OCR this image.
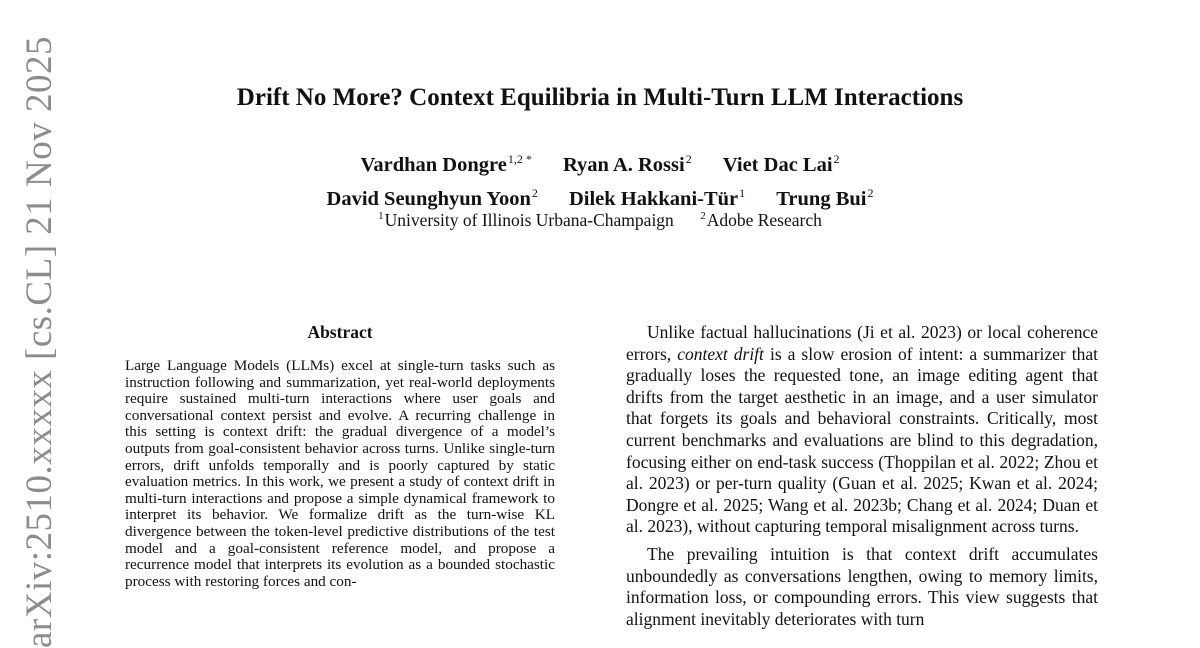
arXiv:2510.xxxxx [cs.CL] 21 Nov 2025	Drift No More? Context Equilibria in Multi-Turn LLM Interactions
Vardhan Dongre$^{1,2 *}$ Ryan A. Rossi$^2$ Viet Dac Lai$^2$
David Seunghyun Yoon$^2$ Dilek Hakkani-Tür$^1$ Trung Bui$^2$
$^1$University of Illinois Urbana-Champaign $^2$Adobe Research
Abstract
Large Language Models (LLMs) excel at single-turn tasks such as instruction following and summarization, yet real-world deployments require sustained multi-turn interactions where user goals and conversational context persist and evolve. A recurring challenge in this setting is context drift: the gradual divergence of a model’s outputs from goal-consistent behavior across turns. Unlike single-turn errors, drift unfolds temporally and is poorly captured by static evaluation metrics. In this work, we present a study of context drift in multi-turn interactions and propose a simple dynamical framework to interpret its behavior. We formalize drift as the turn-wise KL divergence between the token-level predictive distributions of the test model and a goal-consistent reference model, and propose a recurrence model that interprets its evolution as a bounded stochastic process with restoring forces and con-

Unlike factual hallucinations (Ji et al. 2023) or local coherence errors, context drift is a slow erosion of intent: a summarizer that gradually loses the requested tone, an image editing agent that drifts from the target aesthetic in an image, and a user simulator that forgets its goals and behavioral constraints. Critically, most current benchmarks and evaluations are blind to this degradation, focusing either on end-task success (Thoppilan et al. 2022; Zhou et al. 2023) or per-turn quality (Guan et al. 2025; Kwan et al. 2024; Dongre et al. 2025; Wang et al. 2023b; Chang et al. 2024; Duan et al. 2023), without capturing temporal misalignment across turns.

The prevailing intuition is that context drift accumulates unboundedly as conversations lengthen, owing to memory limits, information loss, or compounding errors. This view suggests that alignment inevitably deteriorates with turn
